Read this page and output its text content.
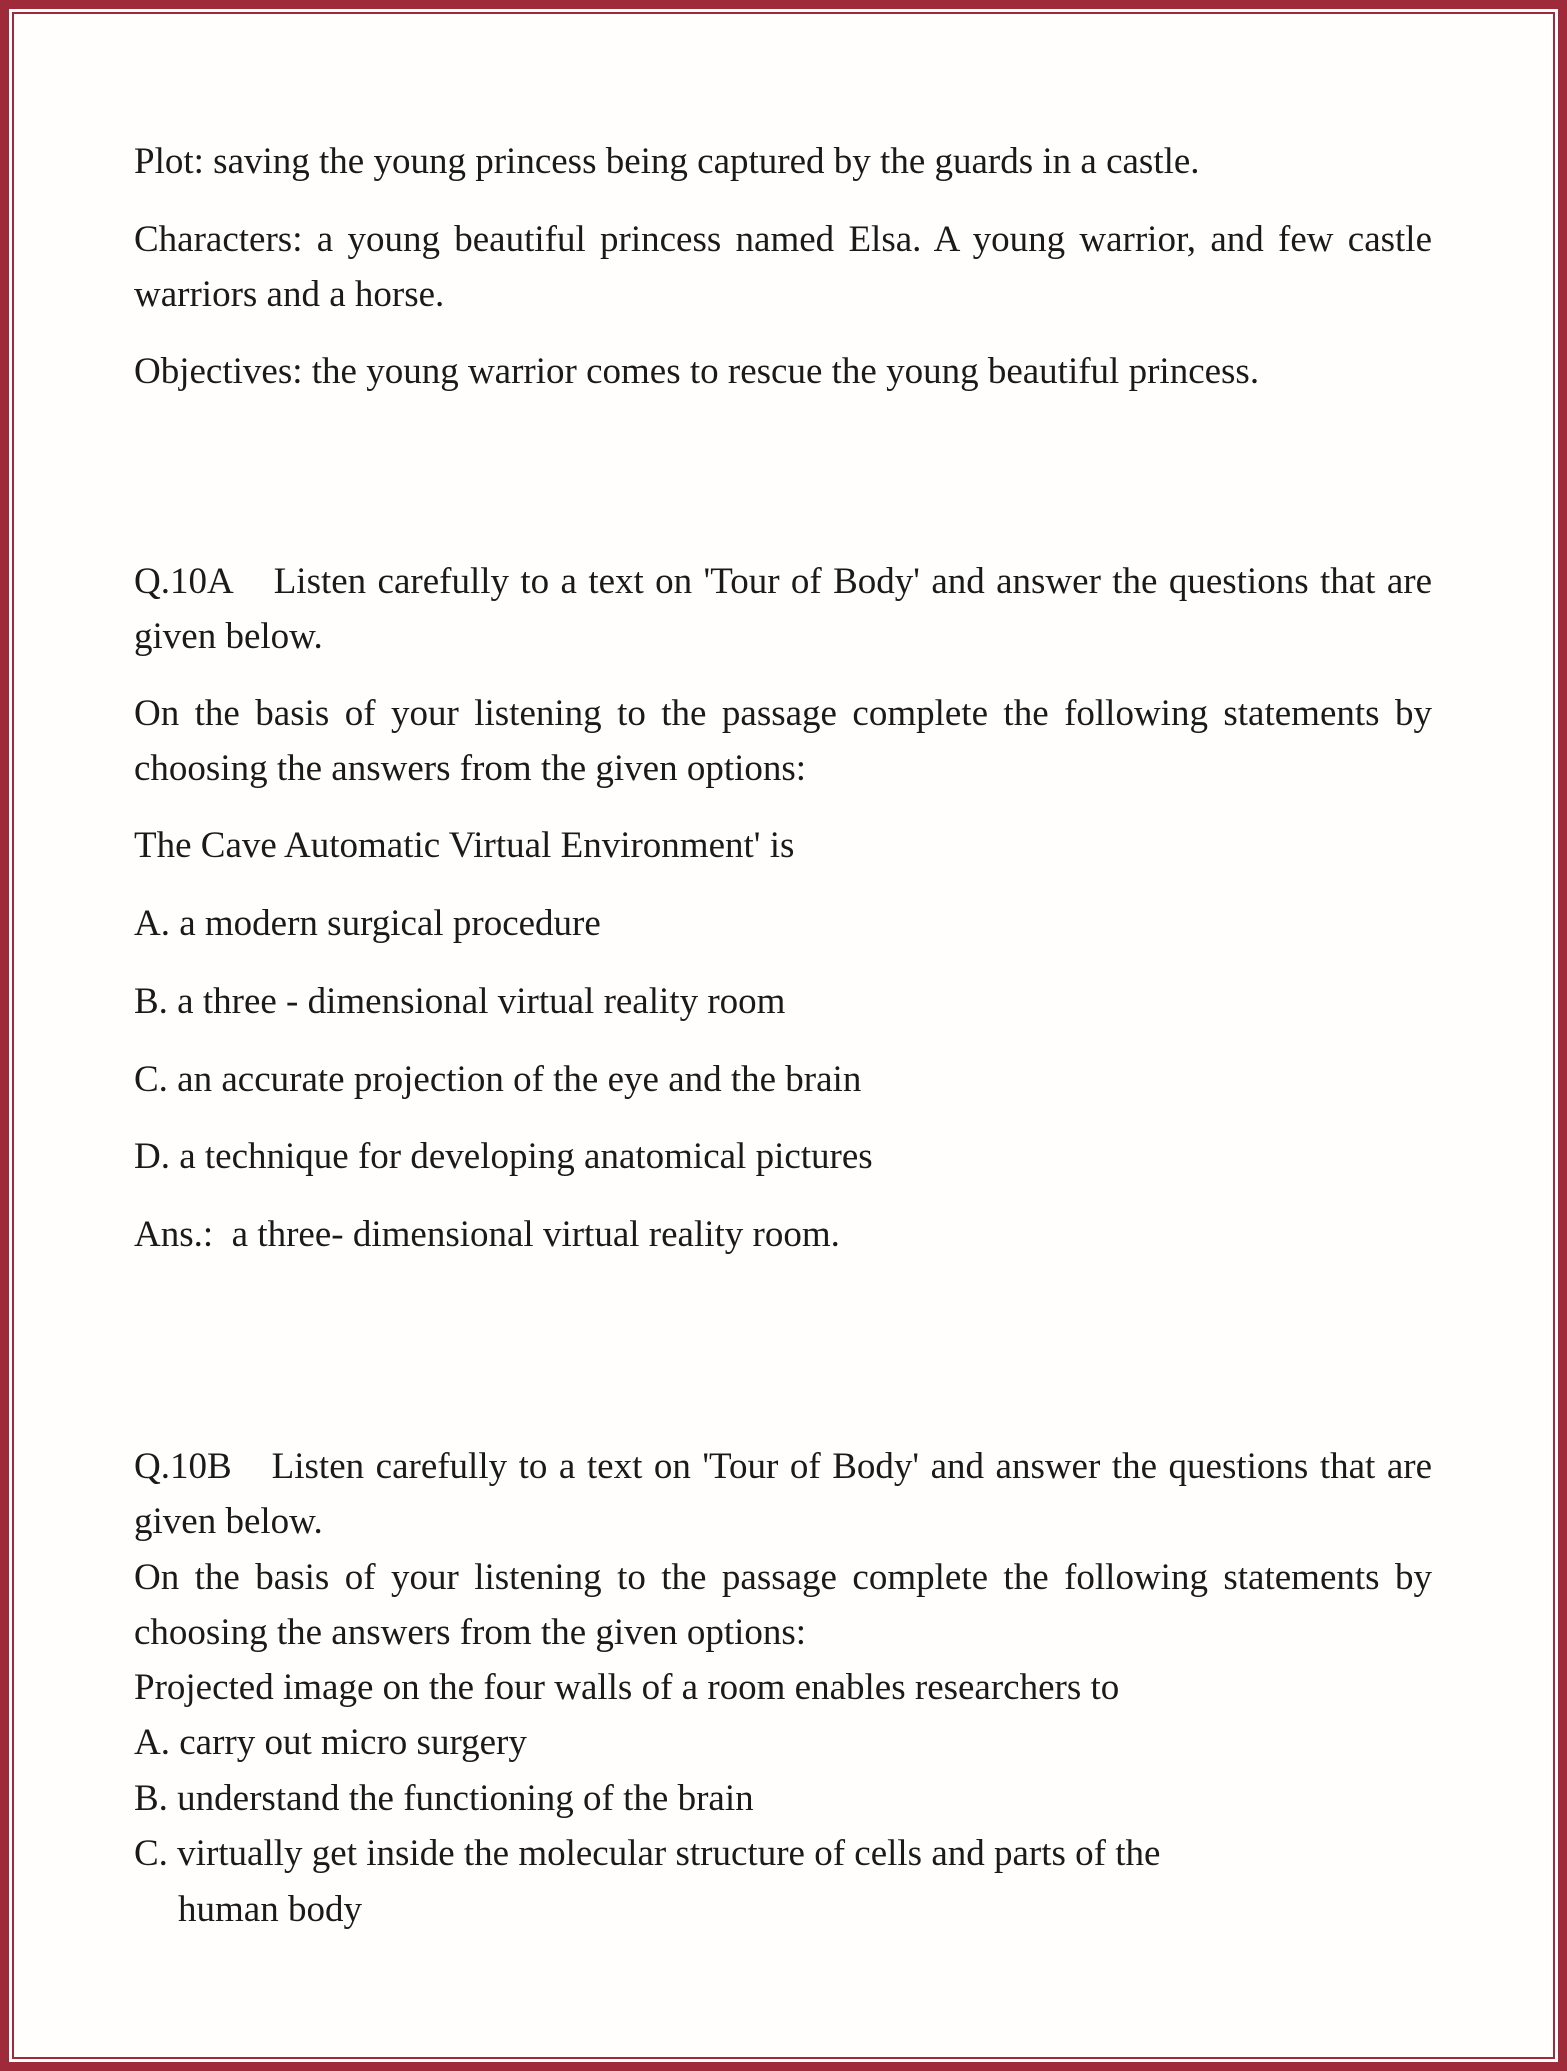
Plot: saving the young princess being captured by the guards in a castle.

Characters: a young beautiful princess named Elsa. A young warrior, and few castle warriors and a horse.

Objectives: the young warrior comes to rescue the young beautiful princess.

Q.10A Listen carefully to a text on 'Tour of Body' and answer the questions that are given below.

On the basis of your listening to the passage complete the following statements by choosing the answers from the given options:

The Cave Automatic Virtual Environment' is

A. a modern surgical procedure

B. a three - dimensional virtual reality room

C. an accurate projection of the eye and the brain

D. a technique for developing anatomical pictures

Ans.:  a three- dimensional virtual reality room.

Q.10B Listen carefully to a text on 'Tour of Body' and answer the questions that are given below.

On the basis of your listening to the passage complete the following statements by choosing the answers from the given options:

Projected image on the four walls of a room enables researchers to

A. carry out micro surgery

B. understand the functioning of the brain

C. virtually get inside the molecular structure of cells and parts of the

human body
